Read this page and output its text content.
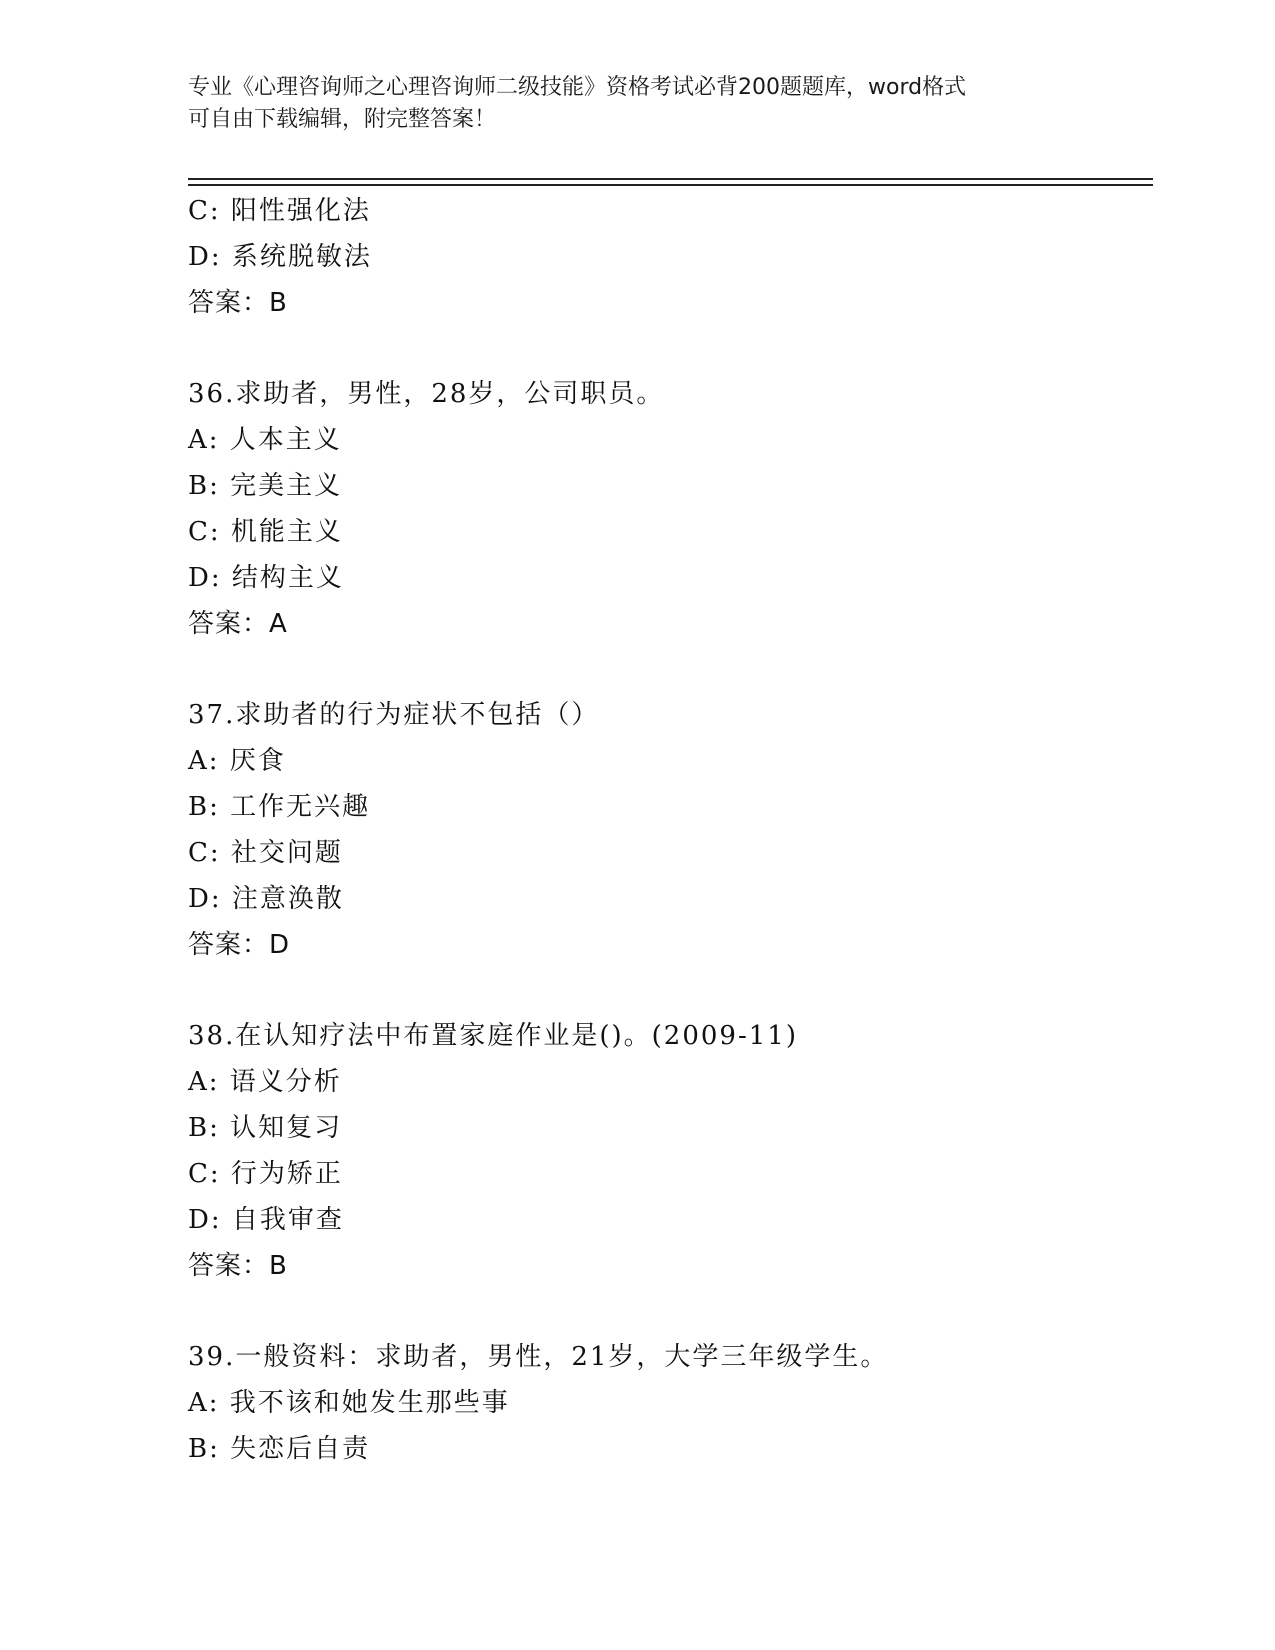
专业《心理咨询师之心理咨询师二级技能》资格考试必背200题题库，word格式
可自由下载编辑，附完整答案！
C: 阳性强化法
D: 系统脱敏法
答案：B
36.求助者，男性，28岁，公司职员。
A: 人本主义
B: 完美主义
C: 机能主义
D: 结构主义
答案：A
37.求助者的行为症状不包括（）
A: 厌食
B: 工作无兴趣
C: 社交问题
D: 注意涣散
答案：D
38.在认知疗法中布置家庭作业是()。(2009-11)
A: 语义分析
B: 认知复习
C: 行为矫正
D: 自我审查
答案：B
39.一般资料：求助者，男性，21岁，大学三年级学生。
A: 我不该和她发生那些事
B: 失恋后自责
